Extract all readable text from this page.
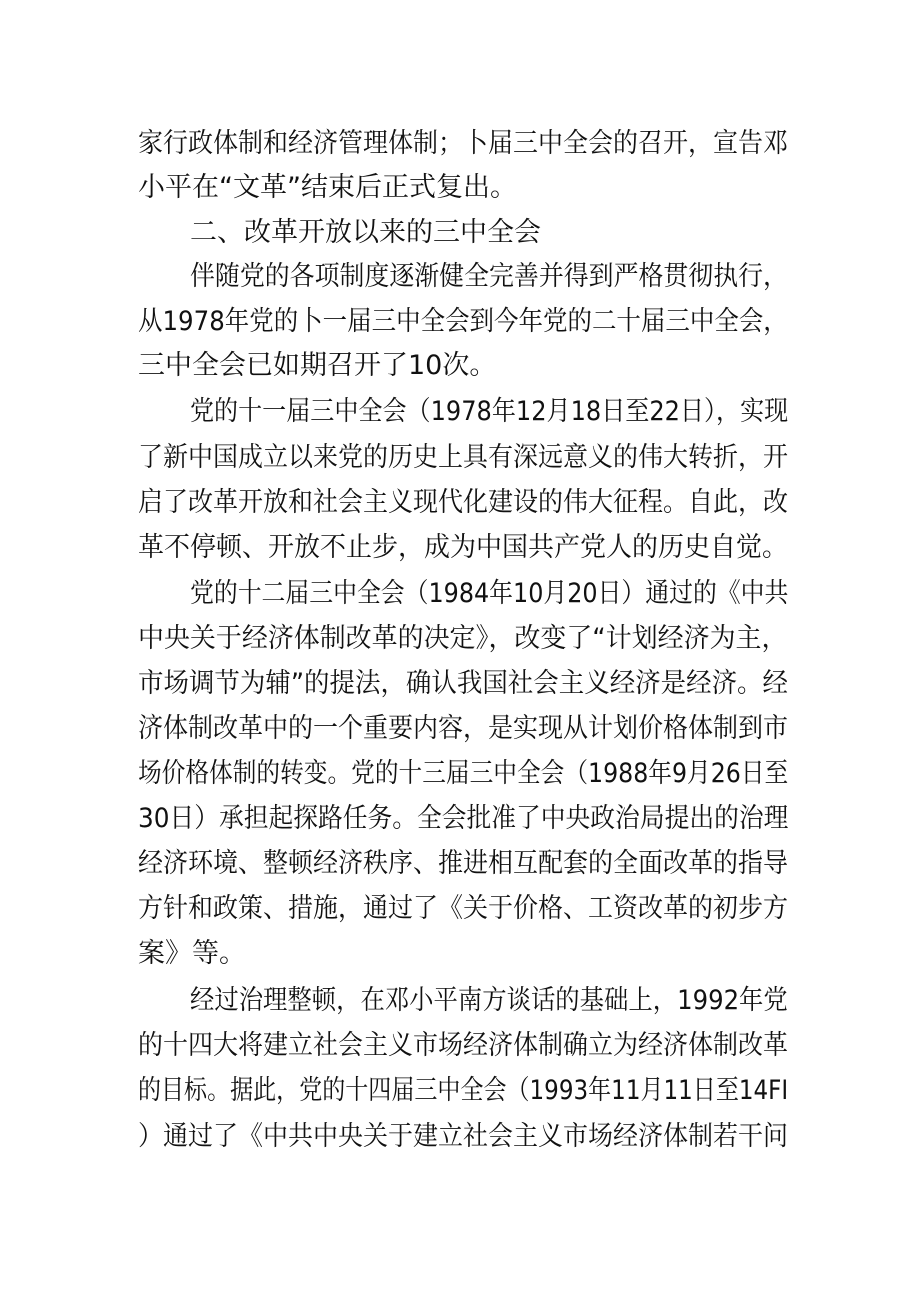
家行政体制和经济管理体制；卜届三中全会的召开，宣告邓
小平在“文革”结束后正式复出。
二、改革开放以来的三中全会
伴随党的各项制度逐渐健全完善并得到严格贯彻执行，
从1978年党的卜一届三中全会到今年党的二十届三中全会，
三中全会已如期召开了10次。
党的十一届三中全会（1978年12月18日至22日），实现
了新中国成立以来党的历史上具有深远意义的伟大转折，开
启了改革开放和社会主义现代化建设的伟大征程。自此，改
革不停顿、开放不止步，成为中国共产党人的历史自觉。
党的十二届三中全会（1984年10月20日）通过的《中共
中央关于经济体制改革的决定》，改变了“计划经济为主，
市场调节为辅”的提法，确认我国社会主义经济是经济。经
济体制改革中的一个重要内容，是实现从计划价格体制到市
场价格体制的转变。党的十三届三中全会（1988年9月26日至
30日）承担起探路任务。全会批准了中央政治局提出的治理
经济环境、整顿经济秩序、推进相互配套的全面改革的指导
方针和政策、措施，通过了《关于价格、工资改革的初步方
案》等。
经过治理整顿，在邓小平南方谈话的基础上，1992年党
的十四大将建立社会主义市场经济体制确立为经济体制改革
的目标。据此，党的十四届三中全会（1993年11月11日至14FI
）通过了《中共中央关于建立社会主义市场经济体制若干问
